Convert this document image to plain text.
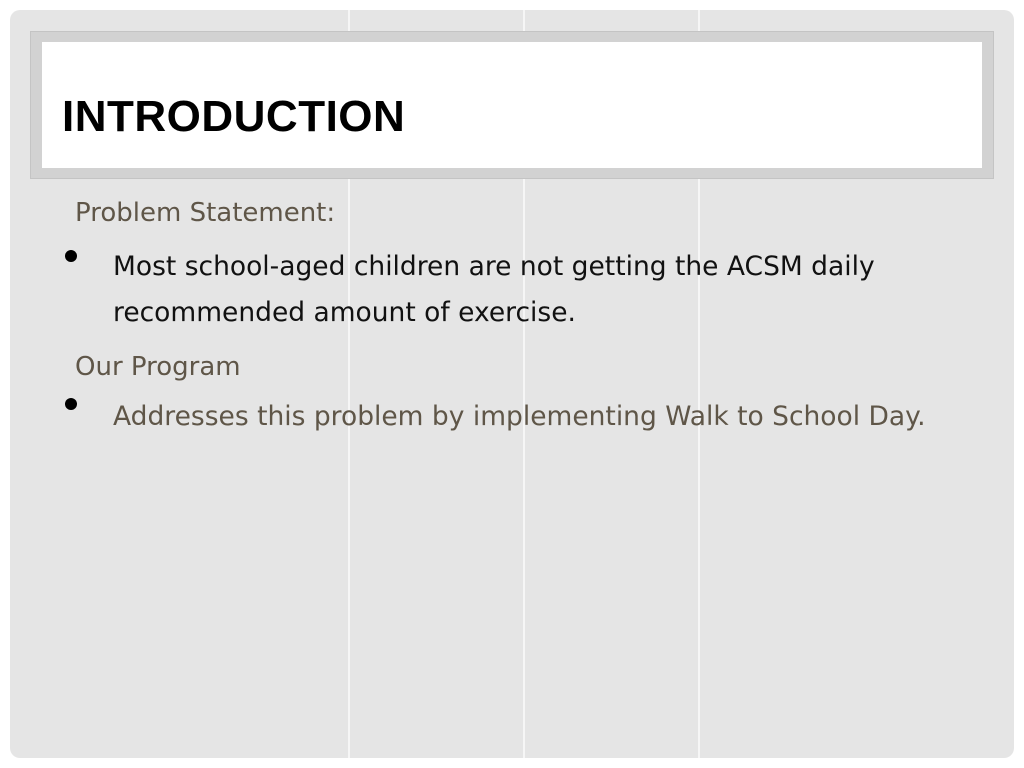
INTRODUCTION

Problem Statement:

Most school-aged children are not getting the ACSM daily recommended amount of exercise.

Our Program

Addresses this problem by implementing Walk to School Day.
